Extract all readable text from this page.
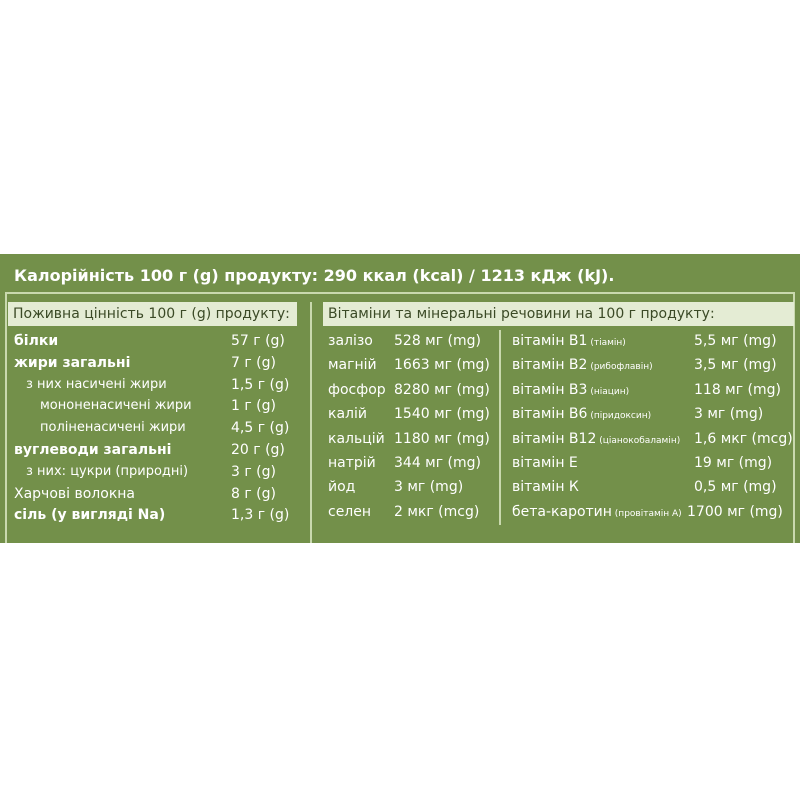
Калорійність 100 г (g) продукту: 290 ккал (kcal) / 1213 кДж (kJ).
Поживна цінність 100 г (g) продукту:	Вітаміни та мінеральні речовини на 100 г продукту:
білки	57 г (g)
жири загальні	7 г (g)
з них насичені жири	1,5 г (g)
мононенасичені жири	1 г (g)
поліненасичені жири	4,5 г (g)
вуглеводи загальні	20 г (g)
з них: цукри (природні)	3 г (g)
Харчові волокна	8 г (g)
сіль (у вигляді Na)	1,3 г (g)
залізо 528 мг (mg)
магній 1663 мг (mg)
фосфор 8280 мг (mg)
калій 1540 мг (mg)
кальцій 1180 мг (mg)
натрій 344 мг (mg)
йод	3 мг (mg)
селен 2 мкг (mcg)
вітамін В1 (тіамін)	5,5 мг (mg)
вітамін В2 (рибофлавін)	3,5 мг (mg)
вітамін В3 (ніацин)	118 мг (mg)
вітамін В6 (піридоксин)	3 мг (mg)
вітамін В12 (ціанокобаламін) 1,6 мкг (mcg)
вітамін Е	19 мг (mg)
вітамін К	0,5 мг (mg)
бета-каротин (провітамін А) 1700 мг (mg)
